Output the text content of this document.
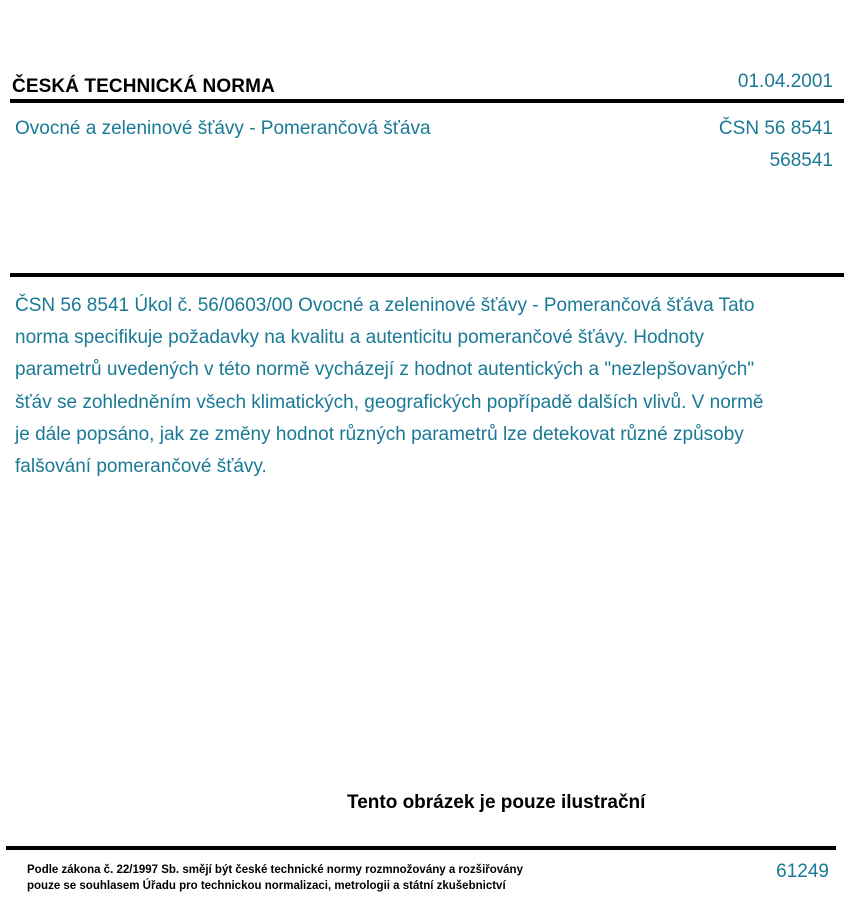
ČESKÁ TECHNICKÁ NORMA	01.04.2001
Ovocné a zeleninové šťávy - Pomerančová šťáva	ČSN 56 8541
568541

ČSN 56 8541 Úkol č. 56/0603/00 Ovocné a zeleninové šťávy - Pomerančová šťáva Tato norma specifikuje požadavky na kvalitu a autenticitu pomerančové šťávy. Hodnoty parametrů uvedených v této normě vycházejí z hodnot autentických a "nezlepšovaných" šťáv se zohledněním všech klimatických, geografických popřípadě dalších vlivů. V normě je dále popsáno, jak ze změny hodnot různých parametrů lze detekovat různé způsoby falšování pomerančové šťávy.

Tento obrázek je pouze ilustrační
Podle zákona č. 22/1997 Sb. smějí být české technické normy rozmnožovány a rozšiřovány
pouze se souhlasem Úřadu pro technickou normalizaci, metrologii a státní zkušebnictví
61249
